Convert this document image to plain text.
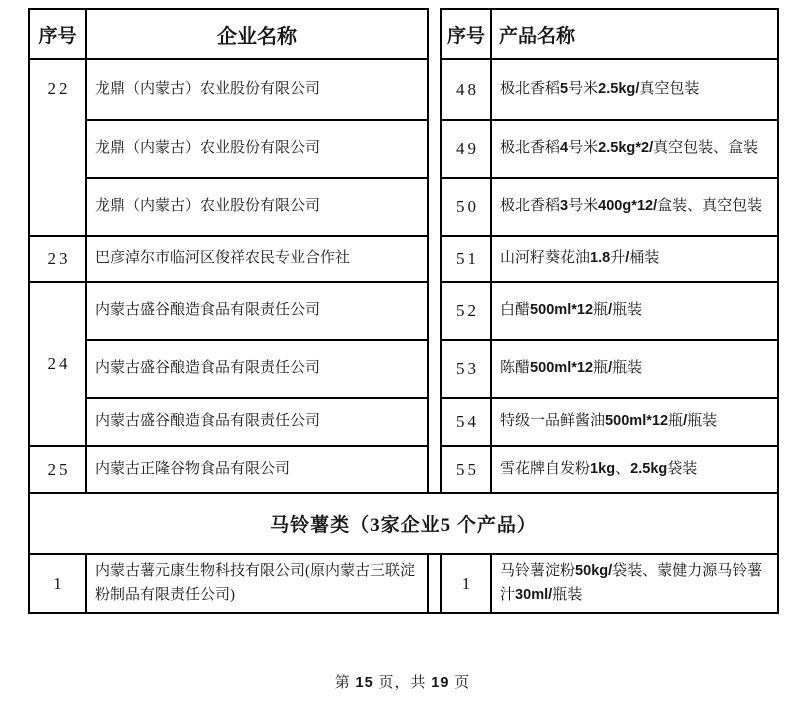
序号	企业名称		序号	产品名称
22	龙鼎（内蒙古）农业股份有限公司		48	极北香稻5号米2.5kg/真空包装
	龙鼎（内蒙古）农业股份有限公司		49	极北香稻4号米2.5kg*2/真空包装、盒装
	龙鼎（内蒙古）农业股份有限公司		50	极北香稻3号米400g*12/盒装、真空包装
23	巴彦淖尔市临河区俊祥农民专业合作社		51	山河籽葵花油1.8升/桶装
24	内蒙古盛谷酿造食品有限责任公司		52	白醋500ml*12瓶/瓶装
	内蒙古盛谷酿造食品有限责任公司		53	陈醋500ml*12瓶/瓶装
	内蒙古盛谷酿造食品有限责任公司		54	特级一品鲜酱油500ml*12瓶/瓶装
25	内蒙古正隆谷物食品有限公司		55	雪花牌自发粉1kg、2.5kg袋装
马铃薯类（3家企业5 个产品）				
1	内蒙古薯元康生物科技有限公司(原内蒙古三联淀粉制品有限责任公司)		1	马铃薯淀粉50kg/袋装、蒙健力源马铃薯汁30ml/瓶装
第 15 页，共 19 页
